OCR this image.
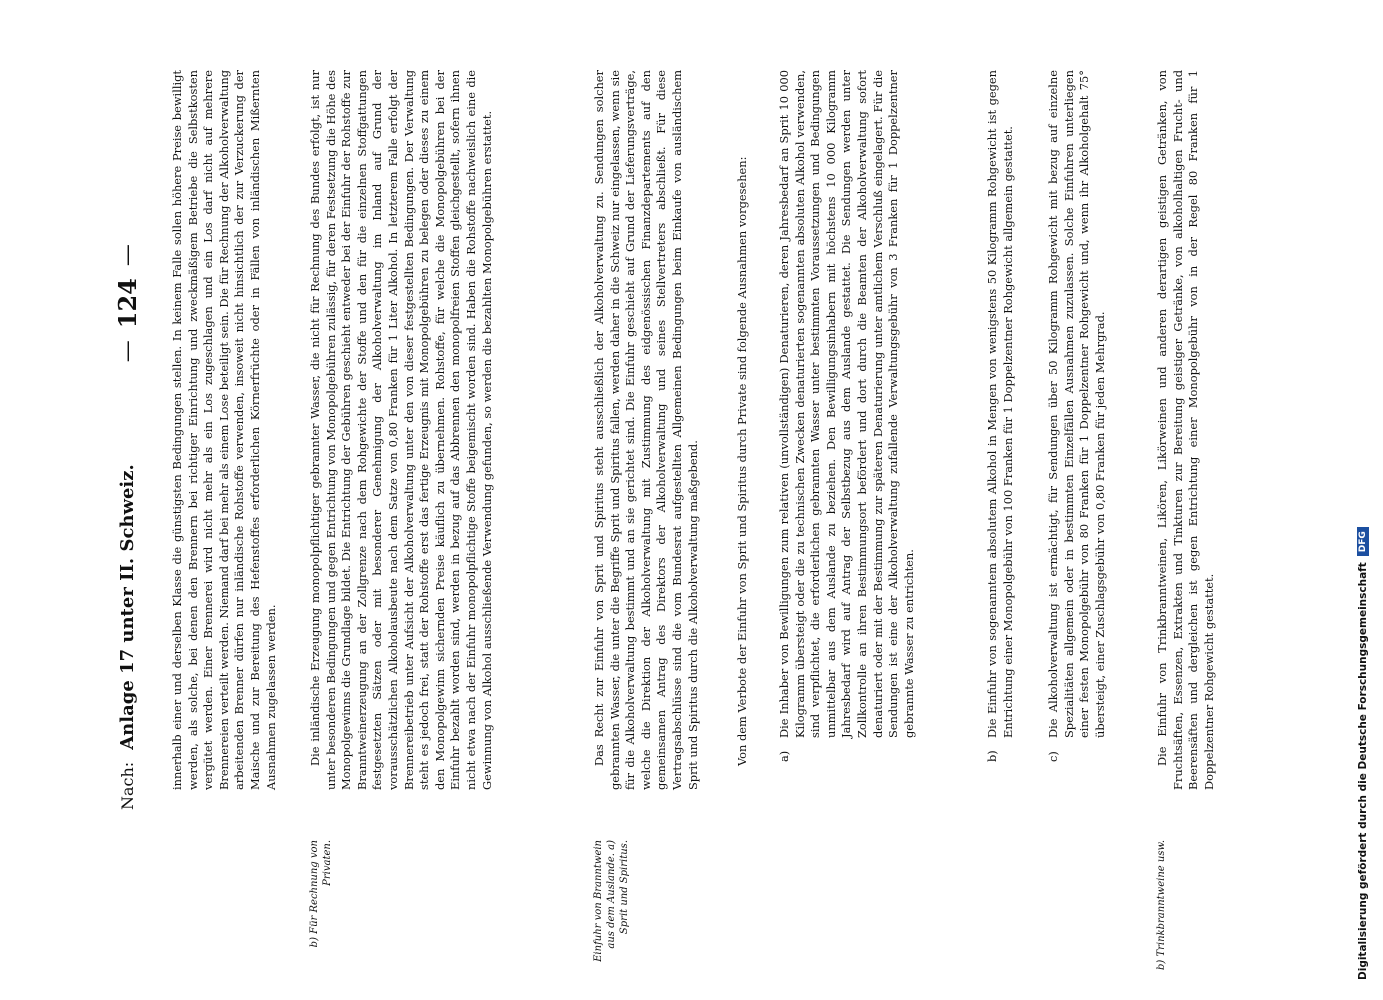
Nach:
Anlage 17 unter II. Schweiz.
—
124
—	innerhalb einer und derselben Klasse die günstigsten Bedingungen stellen. In keinem Falle sollen höhere Preise bewilligt werden, als solche, bei denen den Brennern bei richtiger Einrichtung und zweckmäßigem Betriebe die Selbstkosten vergütet werden. Einer Brennerei wird nicht mehr als ein Los zugeschlagen und ein Los darf nicht auf mehrere Brennereien verteilt werden. Niemand darf bei mehr als einem Lose beteiligt sein. Die für Rechnung der Alkoholverwaltung arbeitenden Brenner dürfen nur inländische Rohstoffe verwenden, insoweit nicht hinsichtlich der zur Verzuckerung der Maische und zur Bereitung des Hefenstoffes erforderlichen Körnerfrüchte oder in Fällen von inländischen Mißernten Ausnahmen zugelassen werden.
b) Für Rechnung von Privaten.
Die inländische Erzeugung monopolpflichtiger gebrannter Wasser, die nicht für Rechnung des Bundes erfolgt, ist nur unter besonderen Bedingungen und gegen Entrichtung von Monopolgebühren zulässig, für deren Festsetzung die Höhe des Monopolgewinns die Grundlage bildet. Die Entrichtung der Gebühren geschieht entweder bei der Einfuhr der Rohstoffe zur Branntweinerzeugung an der Zollgrenze nach dem Rohgewichte der Stoffe und den für die einzelnen Stoffgattungen festgesetzten Sätzen oder mit besonderer Genehmigung der Alkoholverwaltung im Inland auf Grund der vorausschätzlichen Alkoholausbeute nach dem Satze von 0,80 Franken für 1 Liter Alkohol. In letzterem Falle erfolgt der Brennereibetrieb unter Aufsicht der Alkoholverwaltung unter den von dieser festgestellten Bedingungen. Der Verwaltung steht es jedoch frei, statt der Rohstoffe erst das fertige Erzeugnis mit Monopolgebühren zu belegen oder dieses zu einem den Monopolgewinn sichernden Preise käuflich zu übernehmen. Rohstoffe, für welche die Monopolgebühren bei der Einfuhr bezahlt worden sind, werden in bezug auf das Abbrennen den monopolfreien Stoffen gleichgestellt, sofern ihnen nicht etwa nach der Einfuhr monopolpflichtige Stoffe beigemischt worden sind. Haben die Rohstoffe nachweislich eine die Gewinnung von Alkohol ausschließende Verwendung gefunden, so werden die bezahlten Monopolgebühren erstattet.
Einfuhr von Branntwein aus dem Auslande. a) Sprit und Spiritus.
Das Recht zur Einfuhr von Sprit und Spiritus steht ausschließlich der Alkoholverwaltung zu. Sendungen solcher gebrannten Wasser, die unter die Begriffe Sprit und Spiritus fallen, werden daher in die Schweiz nur eingelassen, wenn sie für die Alkoholverwaltung bestimmt und an sie gerichtet sind. Die Einfuhr geschieht auf Grund der Lieferungsverträge, welche die Direktion der Alkoholverwaltung mit Zustimmung des eidgenössischen Finanzdepartements auf den gemeinsamen Antrag des Direktors der Alkoholverwaltung und seines Stellvertreters abschließt. Für diese Vertragsabschlüsse sind die vom Bundesrat aufgestellten Allgemeinen Bedingungen beim Einkaufe von ausländischem Sprit und Spiritus durch die Alkoholverwaltung maßgebend.	Von dem Verbote der Einfuhr von Sprit und Spiritus durch Private sind folgende Ausnahmen vorgesehen: a)
Die Inhaber von Bewilligungen zum relativen (unvollständigen) Denaturieren, deren Jahresbedarf an Sprit 10 000 Kilogramm übersteigt oder die zu technischen Zwecken denaturierten sogenannten absoluten Alkohol verwenden, sind verpflichtet, die erforderlichen gebrannten Wasser unter bestimmten Voraussetzungen und Bedingungen unmittelbar aus dem Auslande zu beziehen. Den Bewilligungsinhabern mit höchstens 10 000 Kilogramm Jahresbedarf wird auf Antrag der Selbstbezug aus dem Auslande gestattet. Die Sendungen werden unter Zollkontrolle an ihren Bestimmungsort befördert und dort durch die Beamten der Alkoholverwaltung sofort denaturiert oder mit der Bestimmung zur späteren Denaturierung unter amtlichem Verschluß eingelagert. Für die Sendungen ist eine der Alkoholverwaltung zufallende Verwaltungsgebühr von 3 Franken für 1 Doppelzentner gebrannte Wasser zu entrichten.
b)
Die Einfuhr von sogenanntem absolutem Alkohol in Mengen von wenigstens 50 Kilogramm Rohgewicht ist gegen Entrichtung einer Monopolgebühr von 100 Franken für 1 Doppelzentner Rohgewicht allgemein gestattet.
c)
Die Alkoholverwaltung ist ermächtigt, für Sendungen über 50 Kilogramm Rohgewicht mit bezug auf einzelne Spezialitäten allgemein oder in bestimmten Einzelfällen Ausnahmen zuzulassen. Solche Einfuhren unterliegen einer festen Monopolgebühr von 80 Franken für 1 Doppelzentner Rohgewicht und, wenn ihr Alkoholgehalt 75° übersteigt, einer Zuschlagsgebühr von 0,80 Franken für jeden Mehrgrad.
b) Trinkbranntweine usw.
Die Einfuhr von Trinkbranntweinen, Likören, Likörweinen und anderen derartigen geistigen Getränken, von Fruchtsäften, Essenzen, Extrakten und Tinkturen zur Bereitung geistiger Getränke, von alkoholhaltigen Frucht- und Beerensäften und dergleichen ist gegen Entrichtung einer Monopolgebühr von in der Regel 80 Franken für 1 Doppelzentner Rohgewicht gestattet.	Digitalisierung gefördert durch die Deutsche Forschungsgemeinschaft
DFG
